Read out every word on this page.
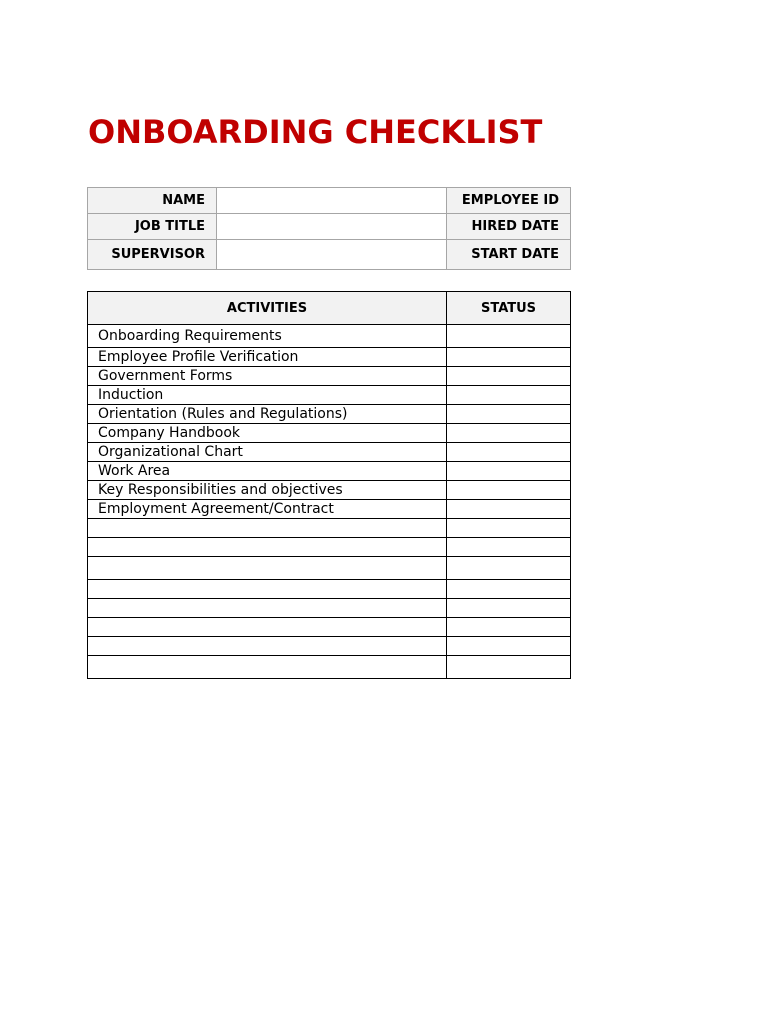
ONBOARDING CHECKLIST
NAME		EMPLOYEE ID
JOB TITLE		HIRED DATE
SUPERVISOR		START DATE
ACTIVITIES	STATUS
Onboarding Requirements	
Employee Profile Verification	
Government Forms	
Induction	
Orientation (Rules and Regulations)	
Company Handbook	
Organizational Chart	
Work Area	
Key Responsibilities and objectives	
Employment Agreement/Contract	
